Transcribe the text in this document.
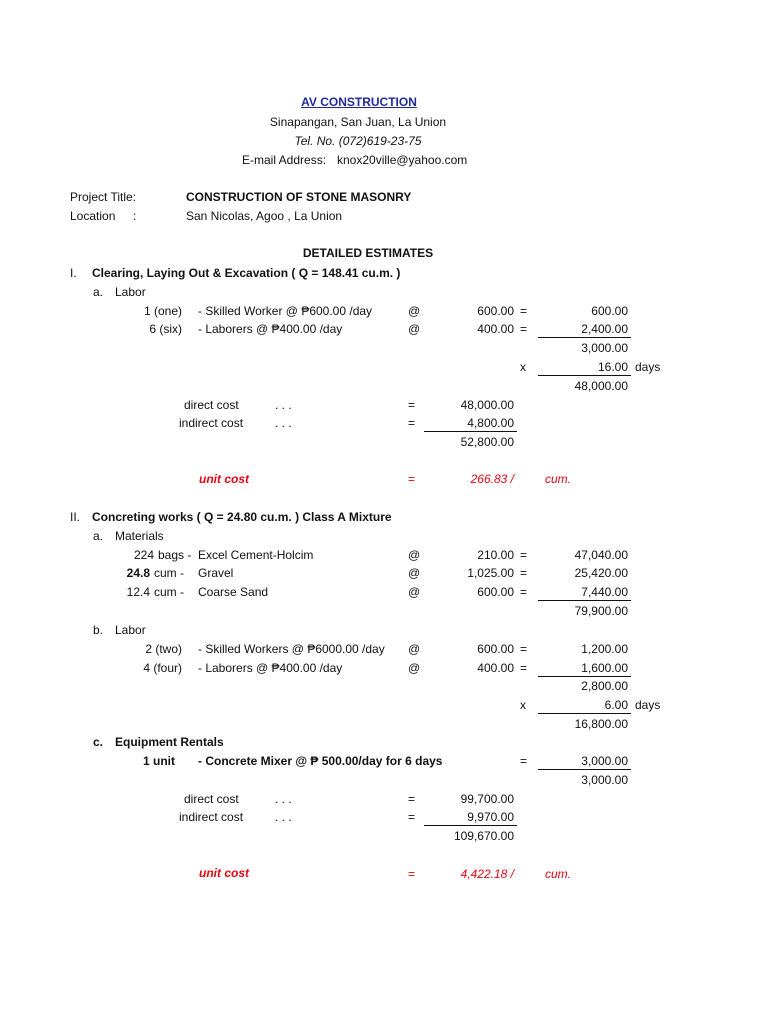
AV CONSTRUCTION
Sinapangan, San Juan, La Union
Tel. No. (072)619-23-75
E-mail Address: knox20ville@yahoo.com
Project Title:	CONSTRUCTION OF STONE MASONRY
Location :	San Nicolas, Agoo , La Union
DETAILED ESTIMATES
I. Clearing, Laying Out & Excavation ( Q = 148.41 cu.m. )
a. Labor
1 (one) - Skilled Worker @ ₱600.00 /day	@	600.00 =	600.00
6 (six) - Laborers @ ₱400.00 /day	@	400.00 =	2,400.00
3,000.00
x	16.00 days
48,000.00
direct cost	. . .	=	48,000.00
indirect cost	. . .	=	4,800.00
52,800.00
unit cost	=	266.83 /	cum.
II. Concreting works ( Q = 24.80 cu.m. ) Class A Mixture
a. Materials
224 bags - Excel Cement-Holcim	@	210.00 =	47,040.00
24.8 cum - Gravel	@	1,025.00 =	25,420.00
12.4 cum - Coarse Sand	@	600.00 =	7,440.00
79,900.00
b. Labor
2 (two) - Skilled Workers @ ₱6000.00 /day @	600.00 =	1,200.00
4 (four) - Laborers @ ₱400.00 /day	@	400.00 =	1,600.00
2,800.00
x	6.00 days
16,800.00
c. Equipment Rentals
1 unit - Concrete Mixer @ ₱ 500.00/day for 6 days	=	3,000.00
3,000.00
direct cost	. . .	=	99,700.00
indirect cost	. . .	=	9,970.00
109,670.00
unit cost	=	4,422.18 /	cum.
